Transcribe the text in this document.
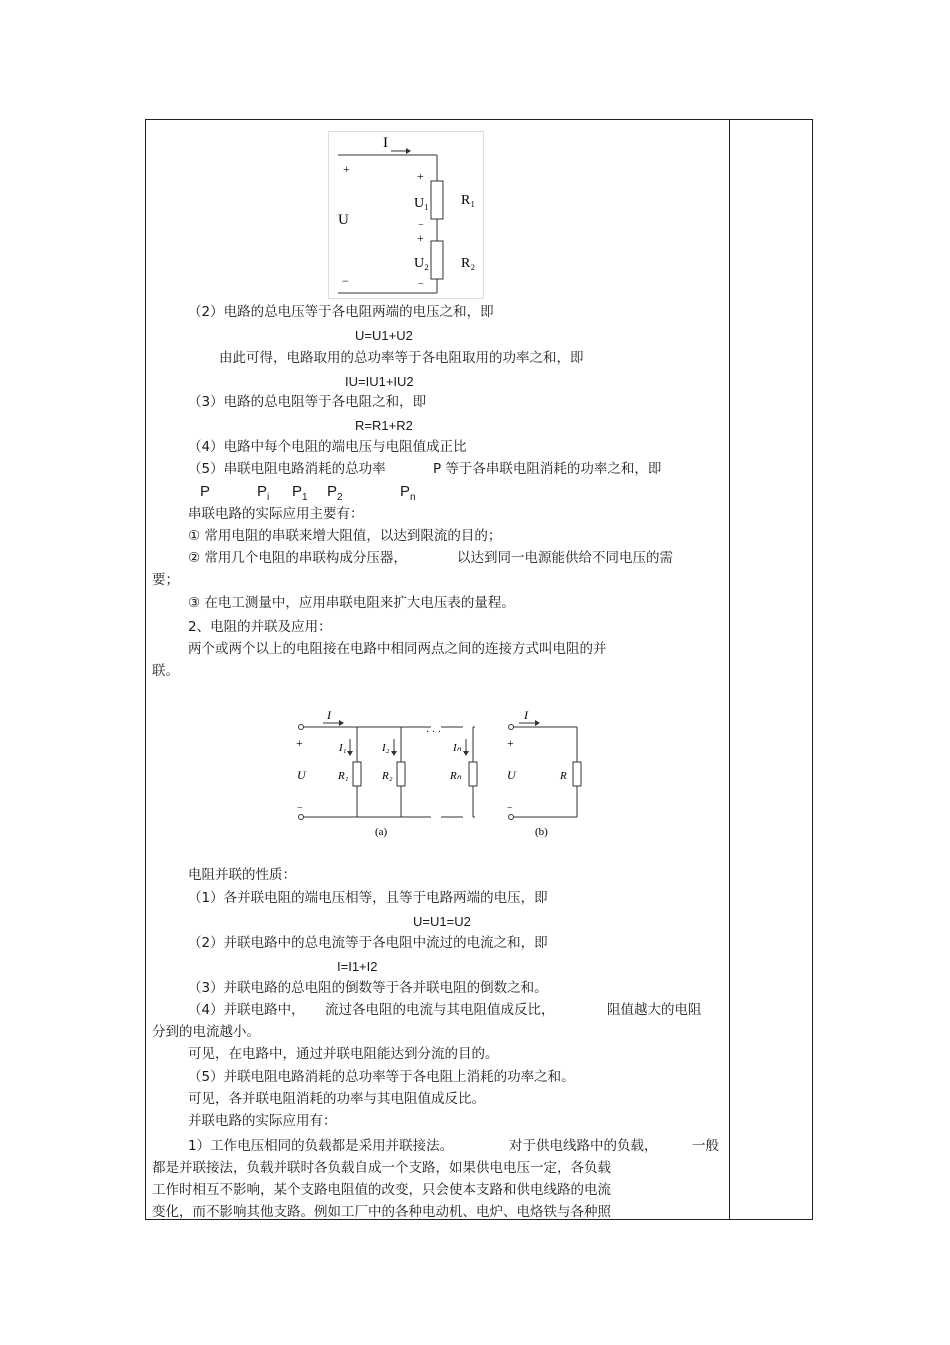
I
+
U
−
+
U₁
−
+
U₂
−
R₁
R₂
（2）电路的总电压等于各电阻两端的电压之和，即
U=U1+U2
由此可得，电路取用的总功率等于各电阻取用的功率之和，即
IU=IU1+IU2
（3）电路的总电阻等于各电阻之和，即
R=R1+R2
（4）电路中每个电阻的端电压与电阻值成正比
（5）串联电阻电路消耗的总功率	P 等于各串联电阻消耗的功率之和，即
P	$P_i$ $P_1$ $P_2$	$P_n$
串联电路的实际应用主要有：
① 常用电阻的串联来增大阻值，以达到限流的目的；
② 常用几个电阻的串联构成分压器，	以达到同一电源能供给不同电压的需
要；
③ 在电工测量中，应用串联电阻来扩大电压表的量程。
2、电阻的并联及应用：
两个或两个以上的电阻接在电路中相同两点之间的连接方式叫电阻的并
联。
I
+
U
−
I₁	I₂	Iₙ
R₁	R₂	Rₙ
· · ·
(a)
I
+
U
−
R
(b)
电阻并联的性质：
（1）各并联电阻的端电压相等，且等于电路两端的电压，即
U=U1=U2
（2）并联电路中的总电流等于各电阻中流过的电流之和，即
I=I1+I2
（3）并联电路的总电阻的倒数等于各并联电阻的倒数之和。
（4）并联电路中， 流过各电阻的电流与其电阻值成反比，	阻值越大的电阻
分到的电流越小。
可见，在电路中，通过并联电阻能达到分流的目的。
（5）并联电阻电路消耗的总功率等于各电阻上消耗的功率之和。
可见，各并联电阻消耗的功率与其电阻值成反比。
并联电路的实际应用有：
1）工作电压相同的负载都是采用并联接法。	对于供电线路中的负载，	一般
都是并联接法，负载并联时各负载自成一个支路，如果供电电压一定，各负载
工作时相互不影响，某个支路电阻值的改变，只会使本支路和供电线路的电流
变化，而不影响其他支路。例如工厂中的各种电动机、电炉、电烙铁与各种照
